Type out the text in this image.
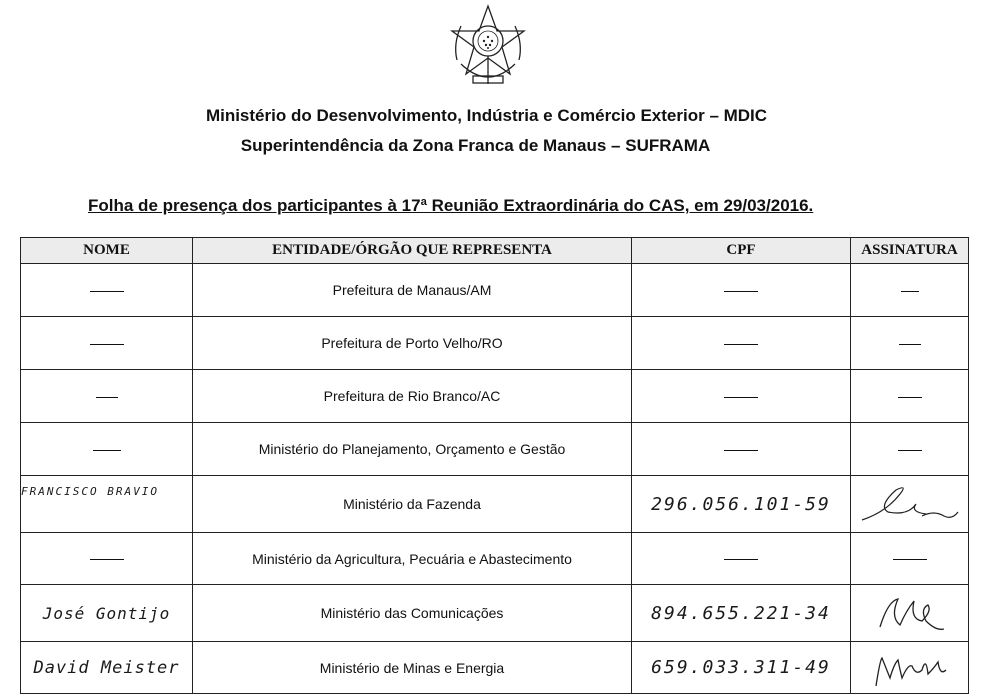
Ministério do Desenvolvimento, Indústria e Comércio Exterior – MDIC
Superintendência da Zona Franca de Manaus – SUFRAMA
Folha de presença dos participantes à 17ª Reunião Extraordinária do CAS, em 29/03/2016.
NOME	ENTIDADE/ÓRGÃO QUE REPRESENTA	CPF	ASSINATURA
	Prefeitura de Manaus/AM		
	Prefeitura de Porto Velho/RO		
	Prefeitura de Rio Branco/AC		
	Ministério do Planejamento, Orçamento e Gestão		
FRANCISCO BRAVIO	Ministério da Fazenda	296.056.101-59	

	Ministério da Agricultura, Pecuária e Abastecimento		
José Gontijo	Ministério das Comunicações	894.655.221-34	

David Meister	Ministério de Minas e Energia	659.033.311-49	
